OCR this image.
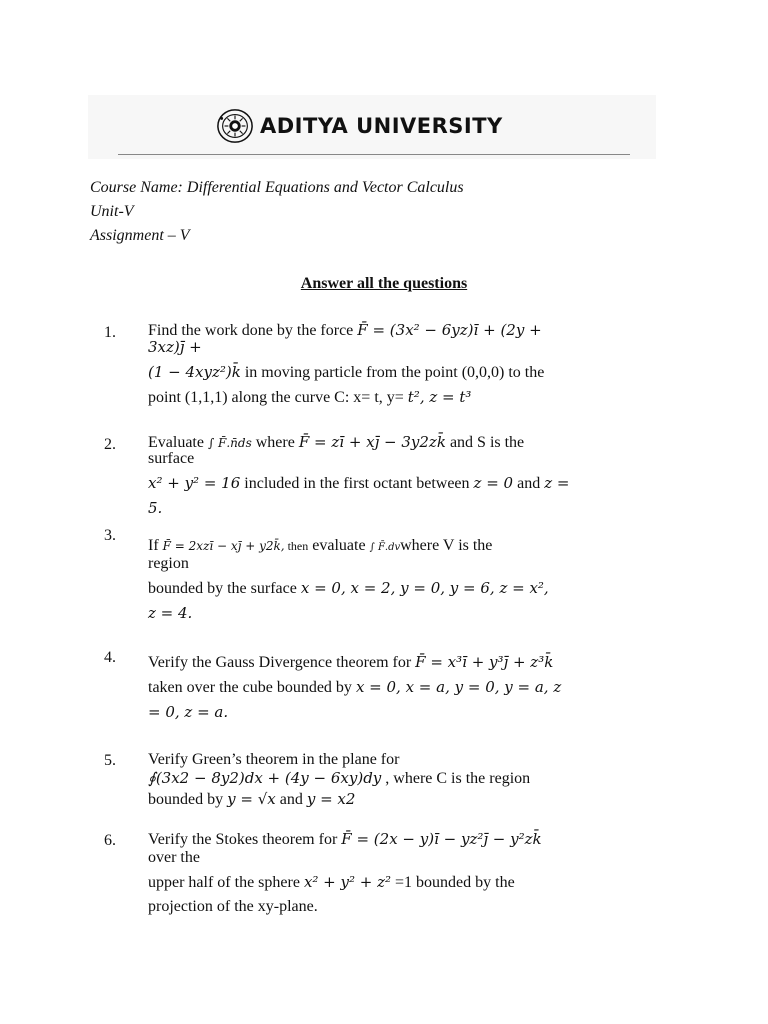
ADITYA UNIVERSITY
Course Name: Differential Equations and Vector Calculus
Unit-V
Assignment – V
Answer all the questions
1. Find the work done by the force F̄ = (3x² − 6yz)ī + (2y +
3xz)j̄ +
(1 − 4xyz²)k̄ in moving particle from the point (0,0,0) to the
point (1,1,1) along the curve C: x= t, y= t², z = t³
2. Evaluate ∫ F̄.n̄ds where F̄ = zī + xj̄ − 3y2zk̄ and S is the
surface
x² + y² = 16 included in the first octant between z = 0 and z =
5.
3.
If F̄ = 2xzī − xj̄ + y2k̄, then evaluate ∫ F̄.dvwhere V is the
region
bounded by the surface x = 0, x = 2, y = 0, y = 6, z = x²,
z = 4.
4. Verify the Gauss Divergence theorem for F̄ = x³ī + y³j̄ + z³k̄
taken over the cube bounded by x = 0, x = a, y = 0, y = a, z
= 0, z = a.
5. Verify Green’s theorem in the plane for
∮(3x2 − 8y2)dx + (4y − 6xy)dy , where C is the region
bounded by y = √x and y = x2
6. Verify the Stokes theorem for F̄ = (2x − y)ī − yz²j̄ − y²zk̄
over the
upper half of the sphere x² + y² + z² =1 bounded by the
projection of the xy-plane.
